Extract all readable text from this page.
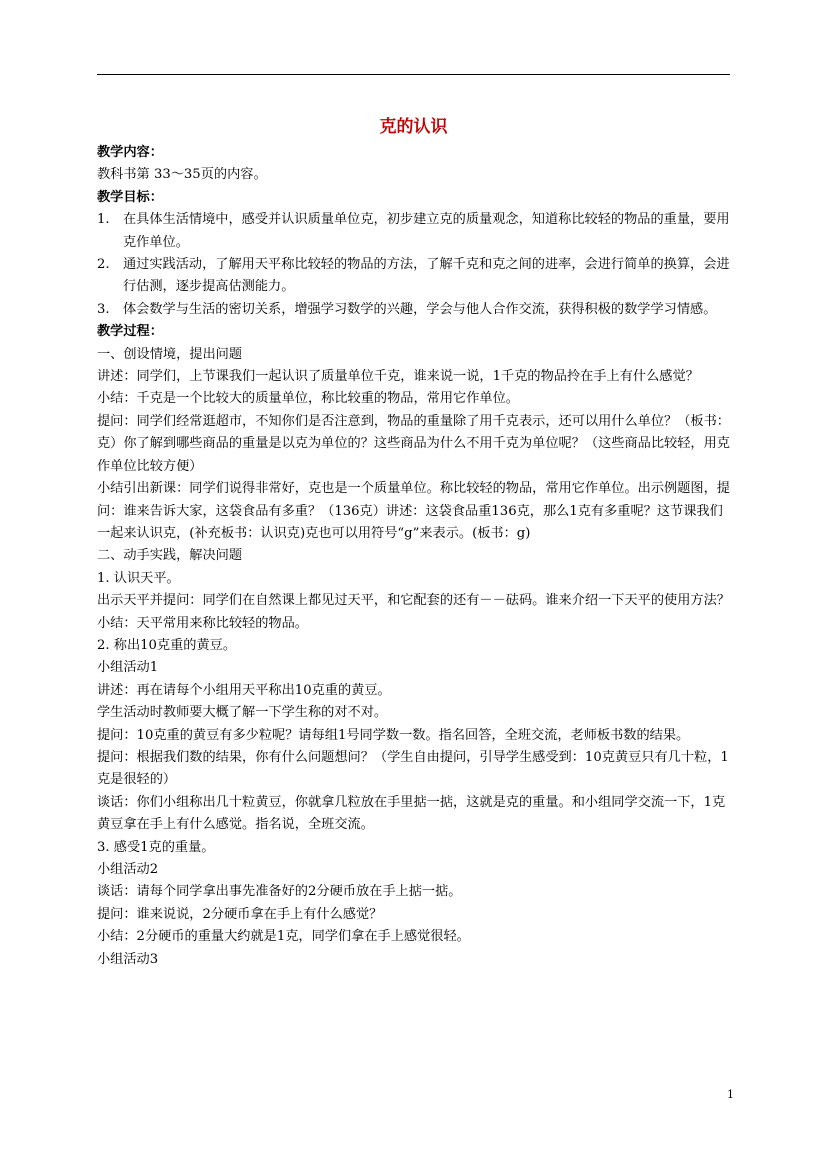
克的认识

教学内容：

教科书第 33～35页的内容。

教学目标：

1.	在具体生活情境中，感受并认识质量单位克，初步建立克的质量观念，知道称比较轻的物品的重量，要用克作单位。
2.	通过实践活动，了解用天平称比较轻的物品的方法，了解千克和克之间的进率，会进行简单的换算，会进行估测，逐步提高估测能力。
3.	体会数学与生活的密切关系，增强学习数学的兴趣，学会与他人合作交流，获得积极的数学学习情感。

教学过程：

一、创设情境，提出问题

讲述：同学们，上节课我们一起认识了质量单位千克，谁来说一说，1千克的物品拎在手上有什么感觉？

小结：千克是一个比较大的质量单位，称比较重的物品，常用它作单位。

提问：同学们经常逛超市，不知你们是否注意到，物品的重量除了用千克表示，还可以用什么单位？（板书：克）你了解到哪些商品的重量是以克为单位的？这些商品为什么不用千克为单位呢？（这些商品比较轻，用克作单位比较方便）

小结引出新课：同学们说得非常好，克也是一个质量单位。称比较轻的物品，常用它作单位。出示例题图，提问：谁来告诉大家，这袋食品有多重？（136克）讲述：这袋食品重136克，那么1克有多重呢？这节课我们一起来认识克，(补充板书：认识克)克也可以用符号“g”来表示。(板书：g)

二、动手实践，解决问题

1. 认识天平。

出示天平并提问：同学们在自然课上都见过天平，和它配套的还有－－砝码。谁来介绍一下天平的使用方法？

小结：天平常用来称比较轻的物品。

2. 称出10克重的黄豆。

小组活动1

讲述：再在请每个小组用天平称出10克重的黄豆。

学生活动时教师要大概了解一下学生称的对不对。

提问：10克重的黄豆有多少粒呢？请每组1号同学数一数。指名回答，全班交流，老师板书数的结果。

提问：根据我们数的结果，你有什么问题想问？（学生自由提问，引导学生感受到：10克黄豆只有几十粒，1克是很轻的）

谈话：你们小组称出几十粒黄豆，你就拿几粒放在手里掂一掂，这就是克的重量。和小组同学交流一下，1克黄豆拿在手上有什么感觉。指名说，全班交流。

3. 感受1克的重量。

小组活动2

谈话：请每个同学拿出事先准备好的2分硬币放在手上掂一掂。

提问：谁来说说，2分硬币拿在手上有什么感觉？

小结：2分硬币的重量大约就是1克，同学们拿在手上感觉很轻。

小组活动3

1
